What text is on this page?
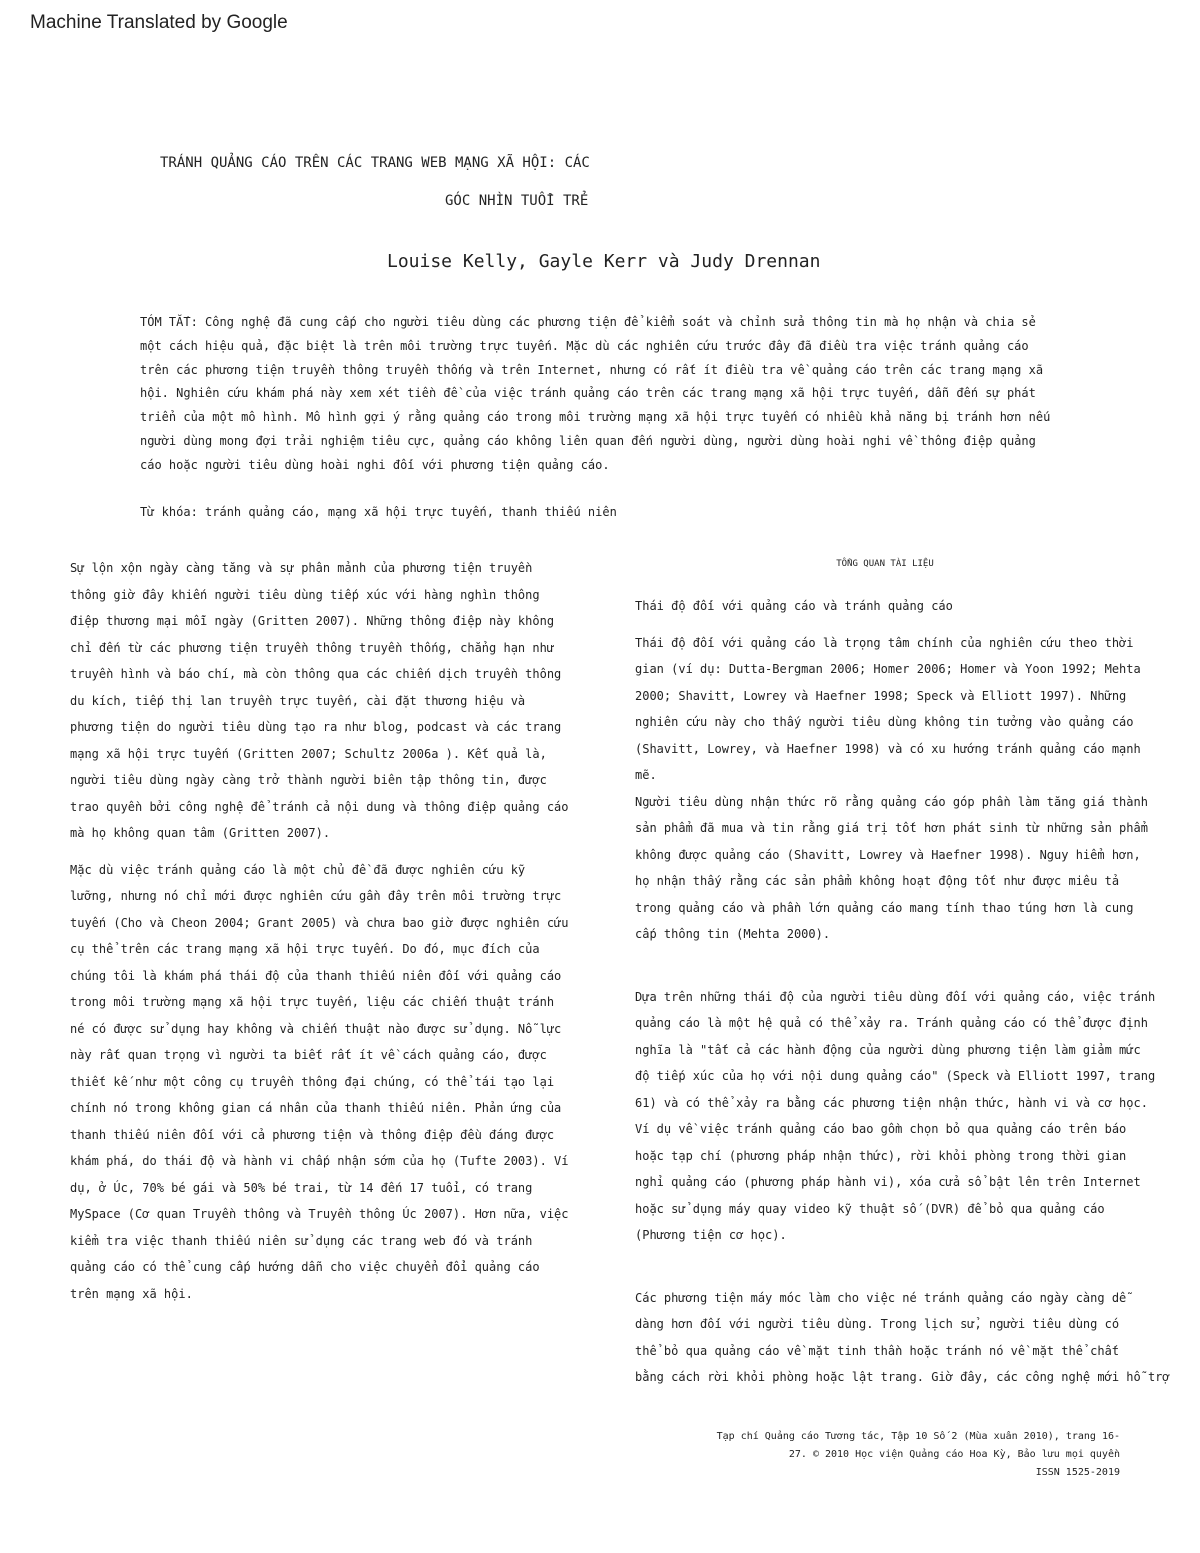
Machine Translated by Google
TRÁNH QUẢNG CÁO TRÊN CÁC TRANG WEB MẠNG XÃ HỘI: CÁC
GÓC NHÌN TUỔI TRẺ
Louise Kelly, Gayle Kerr và Judy Drennan

TÓM TẮT: Công nghệ đã cung cấp cho người tiêu dùng các phương tiện để kiểm soát và chỉnh sửa thông tin mà họ nhận và chia sẻ một cách hiệu quả, đặc biệt là trên môi trường trực tuyến. Mặc dù các nghiên cứu trước đây đã điều tra việc tránh quảng cáo trên các phương tiện truyền thông truyền thống và trên Internet, nhưng có rất ít điều tra về quảng cáo trên các trang mạng xã hội. Nghiên cứu khám phá này xem xét tiền đề của việc tránh quảng cáo trên các trang mạng xã hội trực tuyến, dẫn đến sự phát triển của một mô hình. Mô hình gợi ý rằng quảng cáo trong môi trường mạng xã hội trực tuyến có nhiều khả năng bị tránh hơn nếu người dùng mong đợi trải nghiệm tiêu cực, quảng cáo không liên quan đến người dùng, người dùng hoài nghi về thông điệp quảng cáo hoặc người tiêu dùng hoài nghi đối với phương tiện quảng cáo.

Từ khóa: tránh quảng cáo, mạng xã hội trực tuyến, thanh thiếu niên

Sự lộn xộn ngày càng tăng và sự phân mảnh của phương tiện truyền thông giờ đây khiến người tiêu dùng tiếp xúc với hàng nghìn thông điệp thương mại mỗi ngày (Gritten 2007). Những thông điệp này không chỉ đến từ các phương tiện truyền thông truyền thống, chẳng hạn như truyền hình và báo chí, mà còn thông qua các chiến dịch truyền thông du kích, tiếp thị lan truyền trực tuyến, cài đặt thương hiệu và phương tiện do người tiêu dùng tạo ra như blog, podcast và các trang mạng xã hội trực tuyến (Gritten 2007; Schultz 2006a ). Kết quả là, người tiêu dùng ngày càng trở thành người biên tập thông tin, được trao quyền bởi công nghệ để tránh cả nội dung và thông điệp quảng cáo mà họ không quan tâm (Gritten 2007).

Mặc dù việc tránh quảng cáo là một chủ đề đã được nghiên cứu kỹ lưỡng, nhưng nó chỉ mới được nghiên cứu gần đây trên môi trường trực tuyến (Cho và Cheon 2004; Grant 2005) và chưa bao giờ được nghiên cứu cụ thể trên các trang mạng xã hội trực tuyến. Do đó, mục đích của chúng tôi là khám phá thái độ của thanh thiếu niên đối với quảng cáo trong môi trường mạng xã hội trực tuyến, liệu các chiến thuật tránh né có được sử dụng hay không và chiến thuật nào được sử dụng. Nỗ lực này rất quan trọng vì người ta biết rất ít về cách quảng cáo, được thiết kế như một công cụ truyền thông đại chúng, có thể tái tạo lại chính nó trong không gian cá nhân của thanh thiếu niên. Phản ứng của thanh thiếu niên đối với cả phương tiện và thông điệp đều đáng được khám phá, do thái độ và hành vi chấp nhận sớm của họ (Tufte 2003). Ví dụ, ở Úc, 70% bé gái và 50% bé trai, từ 14 đến 17 tuổi, có trang MySpace (Cơ quan Truyền thông và Truyền thông Úc 2007). Hơn nữa, việc kiểm tra việc thanh thiếu niên sử dụng các trang web đó và tránh quảng cáo có thể cung cấp hướng dẫn cho việc chuyển đổi quảng cáo trên mạng xã hội.

TỔNG QUAN TÀI LIỆU

Thái độ đối với quảng cáo và tránh quảng cáo

Thái độ đối với quảng cáo là trọng tâm chính của nghiên cứu theo thời gian (ví dụ: Dutta-Bergman 2006; Homer 2006; Homer và Yoon 1992; Mehta 2000; Shavitt, Lowrey và Haefner 1998; Speck và Elliott 1997). Những nghiên cứu này cho thấy người tiêu dùng không tin tưởng vào quảng cáo (Shavitt, Lowrey, và Haefner 1998) và có xu hướng tránh quảng cáo mạnh mẽ.

Người tiêu dùng nhận thức rõ rằng quảng cáo góp phần làm tăng giá thành sản phẩm đã mua và tin rằng giá trị tốt hơn phát sinh từ những sản phẩm không được quảng cáo (Shavitt, Lowrey và Haefner 1998). Nguy hiểm hơn, họ nhận thấy rằng các sản phẩm không hoạt động tốt như được miêu tả trong quảng cáo và phần lớn quảng cáo mang tính thao túng hơn là cung cấp thông tin (Mehta 2000).

Dựa trên những thái độ của người tiêu dùng đối với quảng cáo, việc tránh quảng cáo là một hệ quả có thể xảy ra. Tránh quảng cáo có thể được định nghĩa là "tất cả các hành động của người dùng phương tiện làm giảm mức độ tiếp xúc của họ với nội dung quảng cáo" (Speck và Elliott 1997, trang 61) và có thể xảy ra bằng các phương tiện nhận thức, hành vi và cơ học. Ví dụ về việc tránh quảng cáo bao gồm chọn bỏ qua quảng cáo trên báo hoặc tạp chí (phương pháp nhận thức), rời khỏi phòng trong thời gian nghỉ quảng cáo (phương pháp hành vi), xóa cửa sổ bật lên trên Internet hoặc sử dụng máy quay video kỹ thuật số (DVR) để bỏ qua quảng cáo (Phương tiện cơ học).

Các phương tiện máy móc làm cho việc né tránh quảng cáo ngày càng dễ
dàng hơn đối với người tiêu dùng. Trong lịch sử, người tiêu dùng có
thể bỏ qua quảng cáo về mặt tinh thần hoặc tránh nó về mặt thể chất
bằng cách rời khỏi phòng hoặc lật trang. Giờ đây, các công nghệ mới hỗ trợ

Tạp chí Quảng cáo Tương tác, Tập 10 Số 2 (Mùa xuân 2010), trang 16-
27. © 2010 Học viện Quảng cáo Hoa Kỳ, Bảo lưu mọi quyền
ISSN 1525-2019
